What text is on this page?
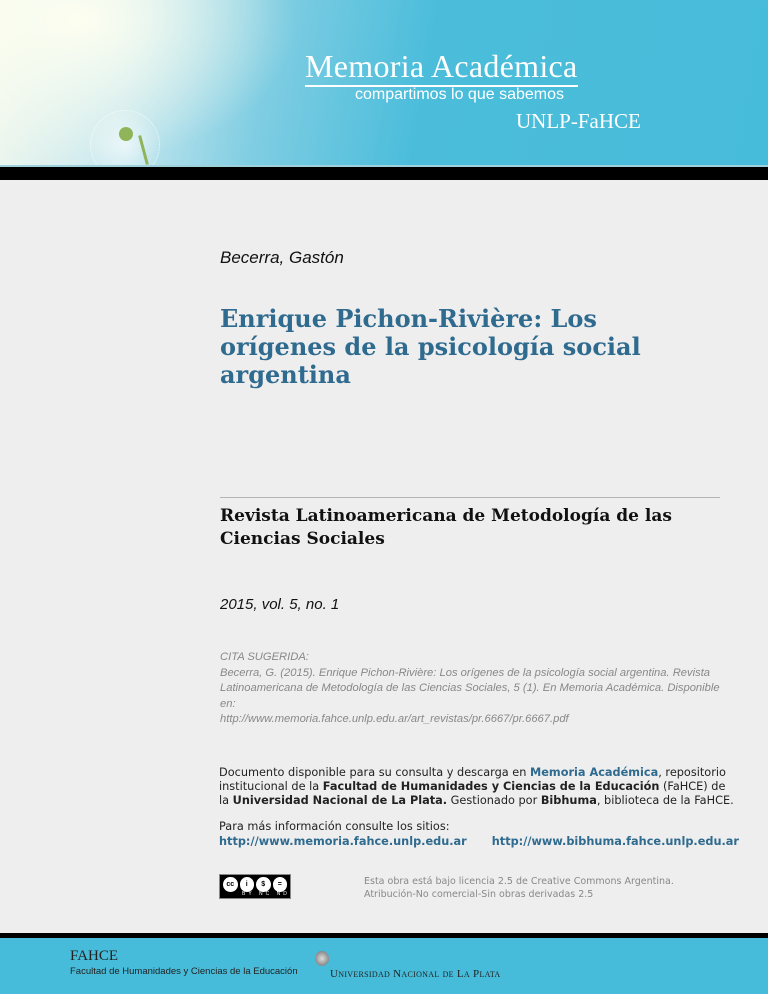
Memoria Académica
compartimos lo que sabemos
UNLP-FaHCE
Becerra, Gastón
Enrique Pichon-Rivière: Los orígenes de la psicología social argentina
Revista Latinoamericana de Metodología de las Ciencias Sociales
2015, vol. 5, no. 1
CITA SUGERIDA:
Becerra, G. (2015). Enrique Pichon-Rivière: Los orígenes de la psicología social argentina. Revista Latinoamericana de Metodología de las Ciencias Sociales, 5 (1). En Memoria Académica. Disponible en:
http://www.memoria.fahce.unlp.edu.ar/art_revistas/pr.6667/pr.6667.pdf
Documento disponible para su consulta y descarga en Memoria Académica, repositorio institucional de la Facultad de Humanidades y Ciencias de la Educación (FaHCE) de la Universidad Nacional de La Plata. Gestionado por Bibhuma, biblioteca de la FaHCE.
Para más información consulte los sitios:
http://www.memoria.fahce.unlp.edu.ar http://www.bibhuma.fahce.unlp.edu.ar
cc	i	$	=
BY NC ND
Esta obra está bajo licencia 2.5 de Creative Commons Argentina.
Atribución-No comercial-Sin obras derivadas 2.5
FAHCE
Facultad de Humanidades y Ciencias de la Educación	Universidad Nacional de La Plata
